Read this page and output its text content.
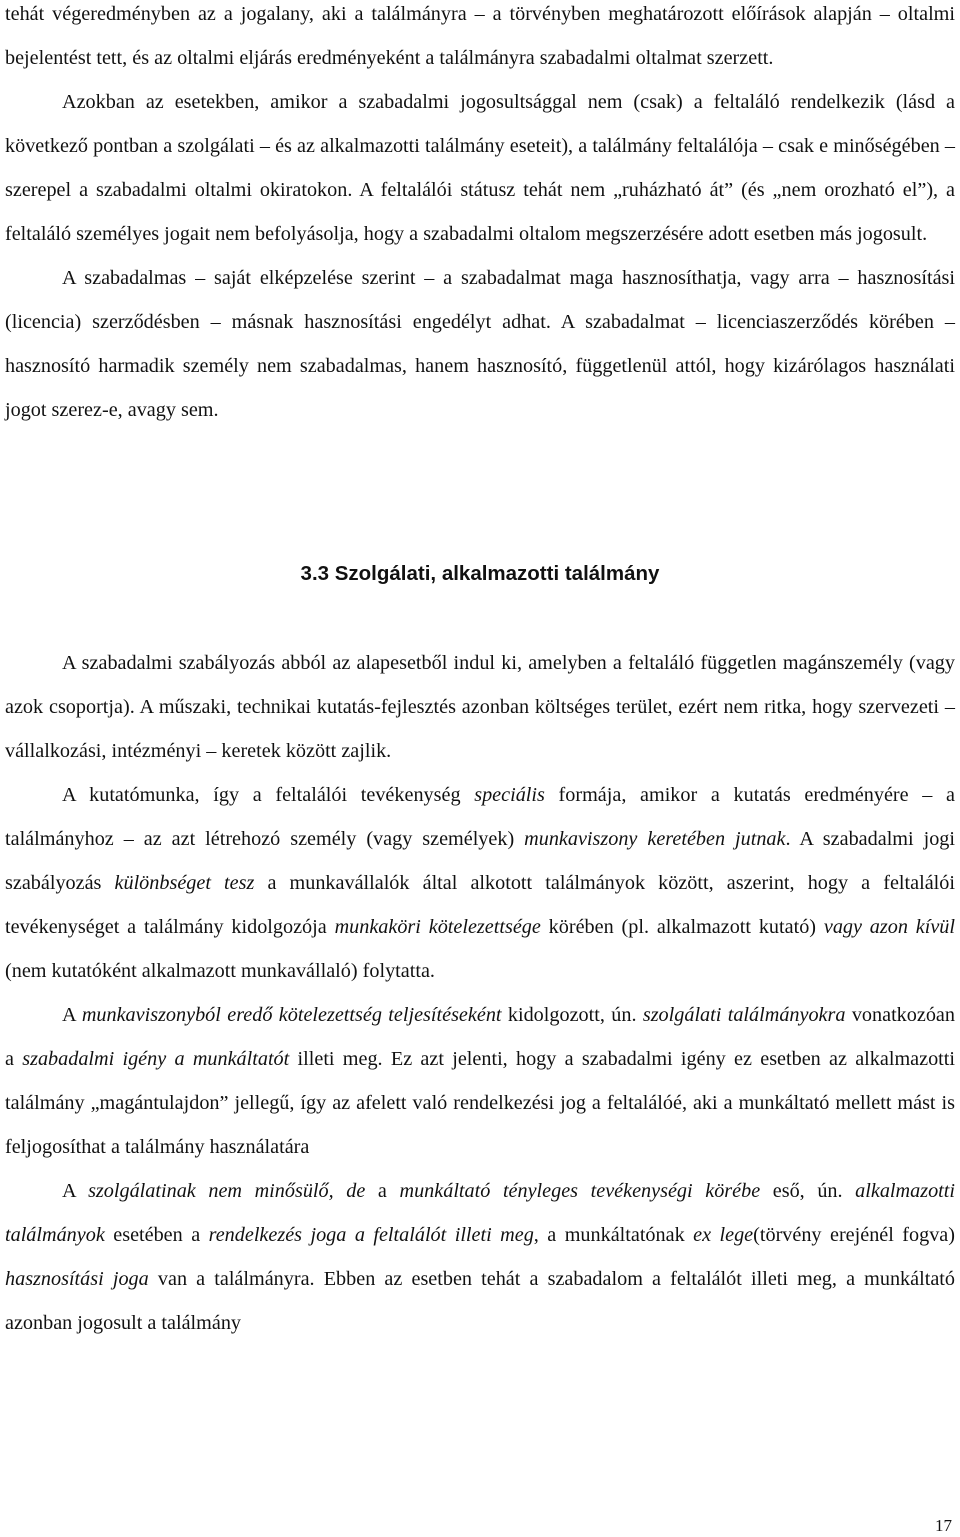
tehát végeredményben az a jogalany, aki a találmányra – a törvényben meghatározott előírások alapján – oltalmi bejelentést tett, és az oltalmi eljárás eredményeként a találmányra szabadalmi oltalmat szerzett.

Azokban az esetekben, amikor a szabadalmi jogosultsággal nem (csak) a feltaláló rendelkezik (lásd a következő pontban a szolgálati – és az alkalmazotti találmány eseteit), a találmány feltalálója – csak e minőségében – szerepel a szabadalmi oltalmi okiratokon. A feltalálói státusz tehát nem „ruházható át” (és „nem orozható el”), a feltaláló személyes jogait nem befolyásolja, hogy a szabadalmi oltalom megszerzésére adott esetben más jogosult.

A szabadalmas – saját elképzelése szerint – a szabadalmat maga hasznosíthatja, vagy arra – hasznosítási (licencia) szerződésben – másnak hasznosítási engedélyt adhat. A szabadalmat – licenciaszerződés körében – hasznosító harmadik személy nem szabadalmas, hanem hasznosító, függetlenül attól, hogy kizárólagos használati jogot szerez-e, avagy sem.

3.3 Szolgálati, alkalmazotti találmány

A szabadalmi szabályozás abból az alapesetből indul ki, amelyben a feltaláló független magánszemély (vagy azok csoportja). A műszaki, technikai kutatás-fejlesztés azonban költséges terület, ezért nem ritka, hogy szervezeti – vállalkozási, intézményi – keretek között zajlik.

A kutatómunka, így a feltalálói tevékenység speciális formája, amikor a kutatás eredményére – a találmányhoz – az azt létrehozó személy (vagy személyek) munkaviszony keretében jutnak. A szabadalmi jogi szabályozás különbséget tesz a munkavállalók által alkotott találmányok között, aszerint, hogy a feltalálói tevékenységet a találmány kidolgozója munkaköri kötelezettsége körében (pl. alkalmazott kutató) vagy azon kívül (nem kutatóként alkalmazott munkavállaló) folytatta.

A munkaviszonyból eredő kötelezettség teljesítéseként kidolgozott, ún. szolgálati találmányokra vonatkozóan a szabadalmi igény a munkáltatót illeti meg. Ez azt jelenti, hogy a szabadalmi igény ez esetben az alkalmazotti találmány „magántulajdon” jellegű, így az afelett való rendelkezési jog a feltalálóé, aki a munkáltató mellett mást is feljogosíthat a találmány használatára

A szolgálatinak nem minősülő, de a munkáltató tényleges tevékenységi körébe eső, ún. alkalmazotti találmányok esetében a rendelkezés joga a feltalálót illeti meg, a munkáltatónak ex lege(törvény erejénél fogva) hasznosítási joga van a találmányra. Ebben az esetben tehát a szabadalom a feltalálót illeti meg, a munkáltató azonban jogosult a találmány

17
